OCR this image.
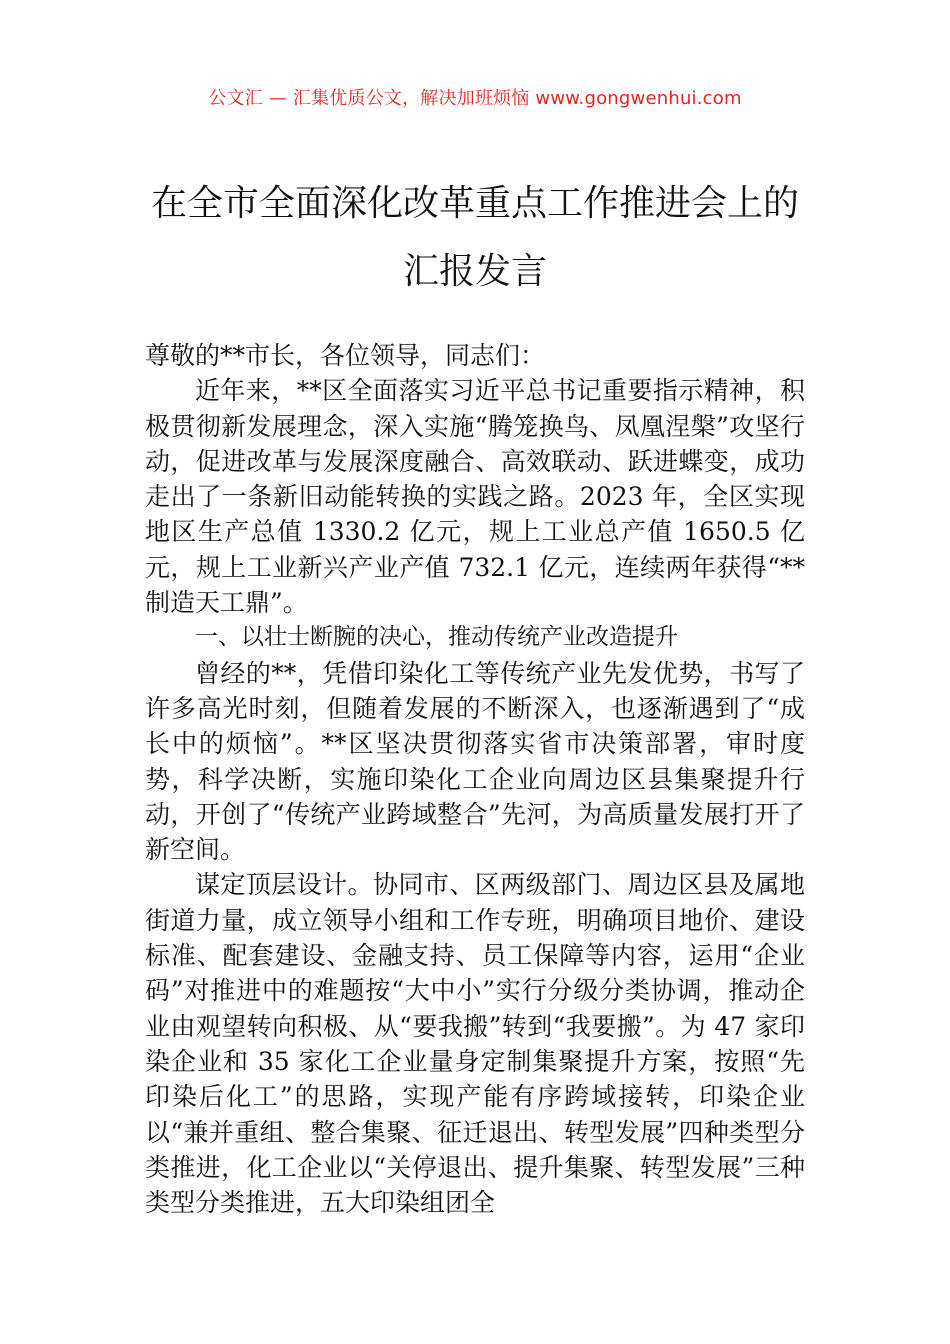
公文汇 — 汇集优质公文，解决加班烦恼 www.gongwenhui.com
在全市全面深化改革重点工作推进会上的汇报发言

尊敬的**市长，各位领导，同志们：

近年来，**区全面落实习近平总书记重要指示精神，积极贯彻新发展理念，深入实施“腾笼换鸟、凤凰涅槃”攻坚行动，促进改革与发展深度融合、高效联动、跃进蝶变，成功走出了一条新旧动能转换的实践之路。2023 年，全区实现地区生产总值 1330.2 亿元，规上工业总产值 1650.5 亿元，规上工业新兴产业产值 732.1 亿元，连续两年获得“**制造天工鼎”。

一、以壮士断腕的决心，推动传统产业改造提升

曾经的**，凭借印染化工等传统产业先发优势，书写了许多高光时刻，但随着发展的不断深入，也逐渐遇到了“成长中的烦恼”。**区坚决贯彻落实省市决策部署，审时度势，科学决断，实施印染化工企业向周边区县集聚提升行动，开创了“传统产业跨域整合”先河，为高质量发展打开了新空间。

谋定顶层设计。协同市、区两级部门、周边区县及属地街道力量，成立领导小组和工作专班，明确项目地价、建设标准、配套建设、金融支持、员工保障等内容，运用“企业码”对推进中的难题按“大中小”实行分级分类协调，推动企业由观望转向积极、从“要我搬”转到“我要搬”。为 47 家印染企业和 35 家化工企业量身定制集聚提升方案，按照“先印染后化工”的思路，实现产能有序跨域接转，印染企业以“兼并重组、整合集聚、征迁退出、转型发展”四种类型分类推进，化工企业以“关停退出、提升集聚、转型发展”三种类型分类推进，五大印染组团全
